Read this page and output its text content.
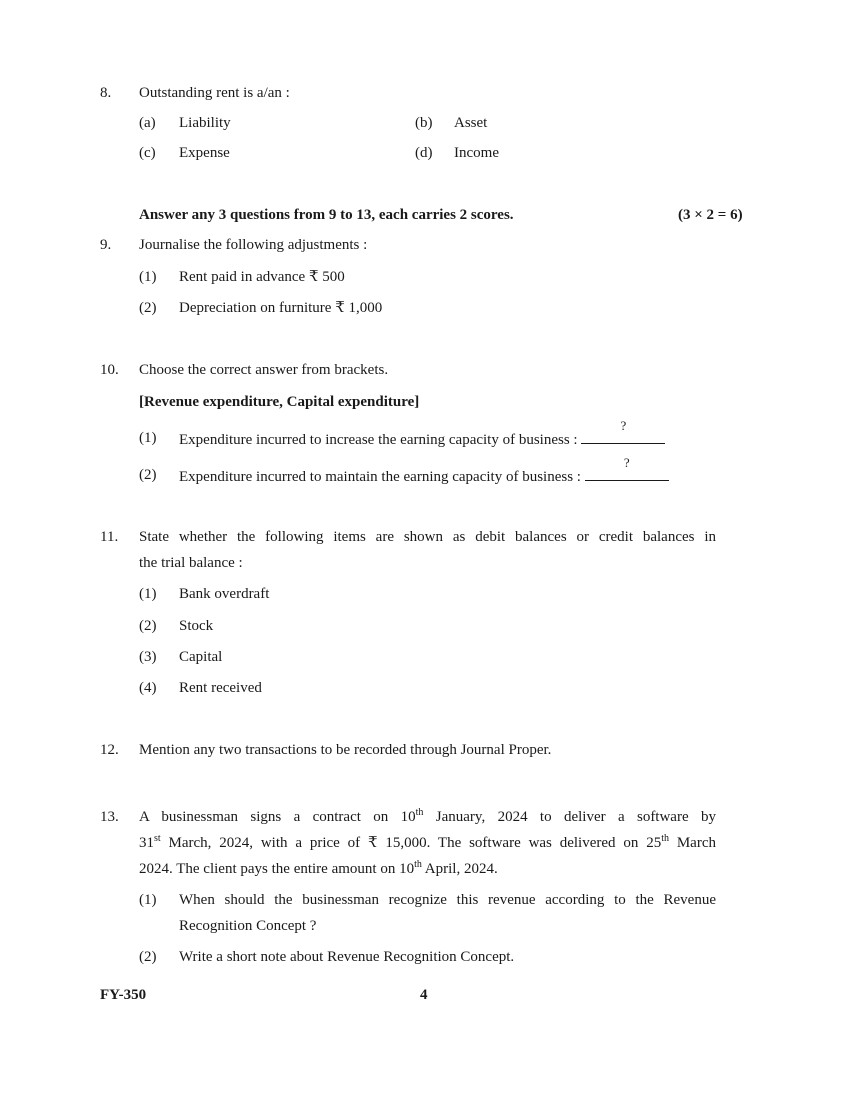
8. Outstanding rent is a/an :
(a) Liability	(b) Asset
(c) Expense	(d) Income
Answer any 3 questions from 9 to 13, each carries 2 scores.	(3 × 2 = 6)
9. Journalise the following adjustments :
(1) Rent paid in advance ₹ 500
(2) Depreciation on furniture ₹ 1,000
10. Choose the correct answer from brackets.
[Revenue expenditure, Capital expenditure]
(1) Expenditure incurred to increase the earning capacity of business :
?
(2) Expenditure incurred to maintain the earning capacity of business :
?
11. State whether the following items are shown as debit balances or credit balances in
the trial balance :
(1) Bank overdraft
(2) Stock
(3) Capital
(4) Rent received
12. Mention any two transactions to be recorded through Journal Proper.
13. A businessman signs a contract on 10th January, 2024 to deliver a software by
31st March, 2024, with a price of ₹ 15,000. The software was delivered on 25th March
2024. The client pays the entire amount on 10th April, 2024.
(1) When should the businessman recognize this revenue according to the Revenue
Recognition Concept ?
(2) Write a short note about Revenue Recognition Concept.
FY-350	4
